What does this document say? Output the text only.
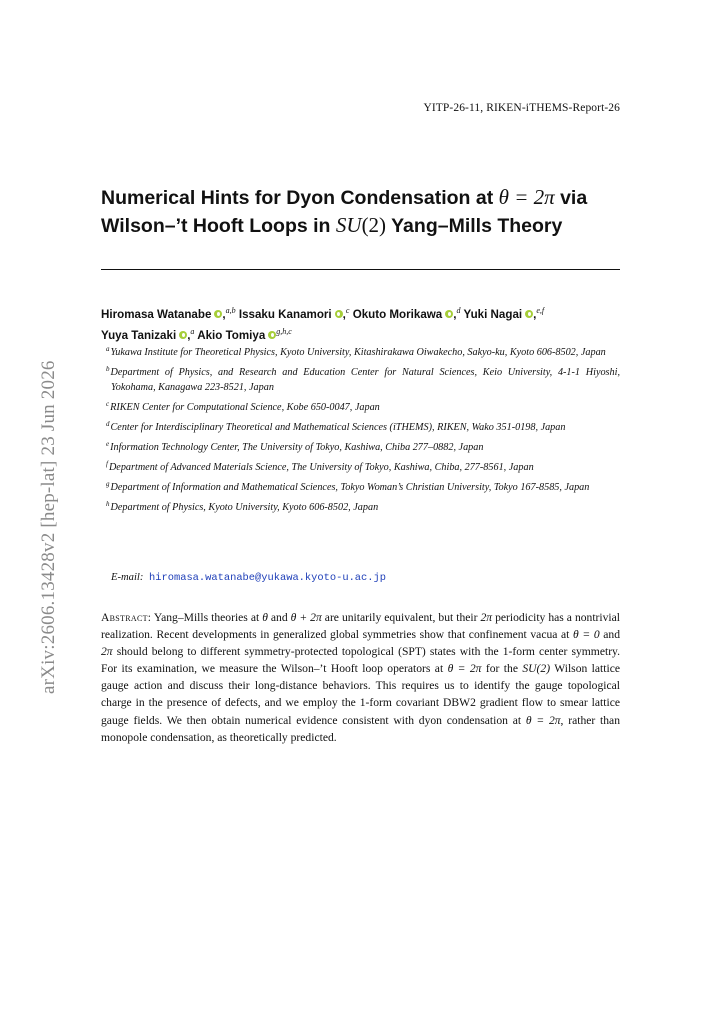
YITP-26-11, RIKEN-iTHEMS-Report-26
arXiv:2606.13428v2 [hep-lat] 23 Jun 2026
Numerical Hints for Dyon Condensation at θ = 2π via
Wilson–’t Hooft Loops in SU(2) Yang–Mills Theory
Hiromasa Watanabe ,$^{a,b}$ Issaku Kanamori ,$^c$ Okuto Morikawa ,$^d$ Yuki Nagai ,$^{e,f}$
Yuya Tanizaki ,$^a$ Akio Tomiya $^{g,h,c}$
$^a$Yukawa Institute for Theoretical Physics, Kyoto University, Kitashirakawa Oiwakecho, Sakyo-ku, Kyoto 606-8502, Japan
$^b$Department of Physics, and Research and Education Center for Natural Sciences, Keio University, 4-1-1 Hiyoshi, Yokohama, Kanagawa 223-8521, Japan
$^c$RIKEN Center for Computational Science, Kobe 650-0047, Japan
$^d$Center for Interdisciplinary Theoretical and Mathematical Sciences (iTHEMS), RIKEN, Wako 351-0198, Japan
$^e$Information Technology Center, The University of Tokyo, Kashiwa, Chiba 277–0882, Japan
$^f$Department of Advanced Materials Science, The University of Tokyo, Kashiwa, Chiba, 277-8561, Japan
$^g$Department of Information and Mathematical Sciences, Tokyo Woman’s Christian University, Tokyo 167-8585, Japan
$^h$Department of Physics, Kyoto University, Kyoto 606-8502, Japan
E-mail: hiromasa.watanabe@yukawa.kyoto-u.ac.jp

Abstract: Yang–Mills theories at θ and θ + 2π are unitarily equivalent, but their 2π periodicity has a nontrivial realization. Recent developments in generalized global symmetries show that confinement vacua at θ = 0 and 2π should belong to different symmetry-protected topological (SPT) states with the 1-form center symmetry. For its examination, we measure the Wilson–’t Hooft loop operators at θ = 2π for the SU(2) Wilson lattice gauge action and discuss their long-distance behaviors. This requires us to identify the gauge topological charge in the presence of defects, and we employ the 1-form covariant DBW2 gradient flow to smear lattice gauge fields. We then obtain numerical evidence consistent with dyon condensation at θ = 2π, rather than monopole condensation, as theoretically predicted.
